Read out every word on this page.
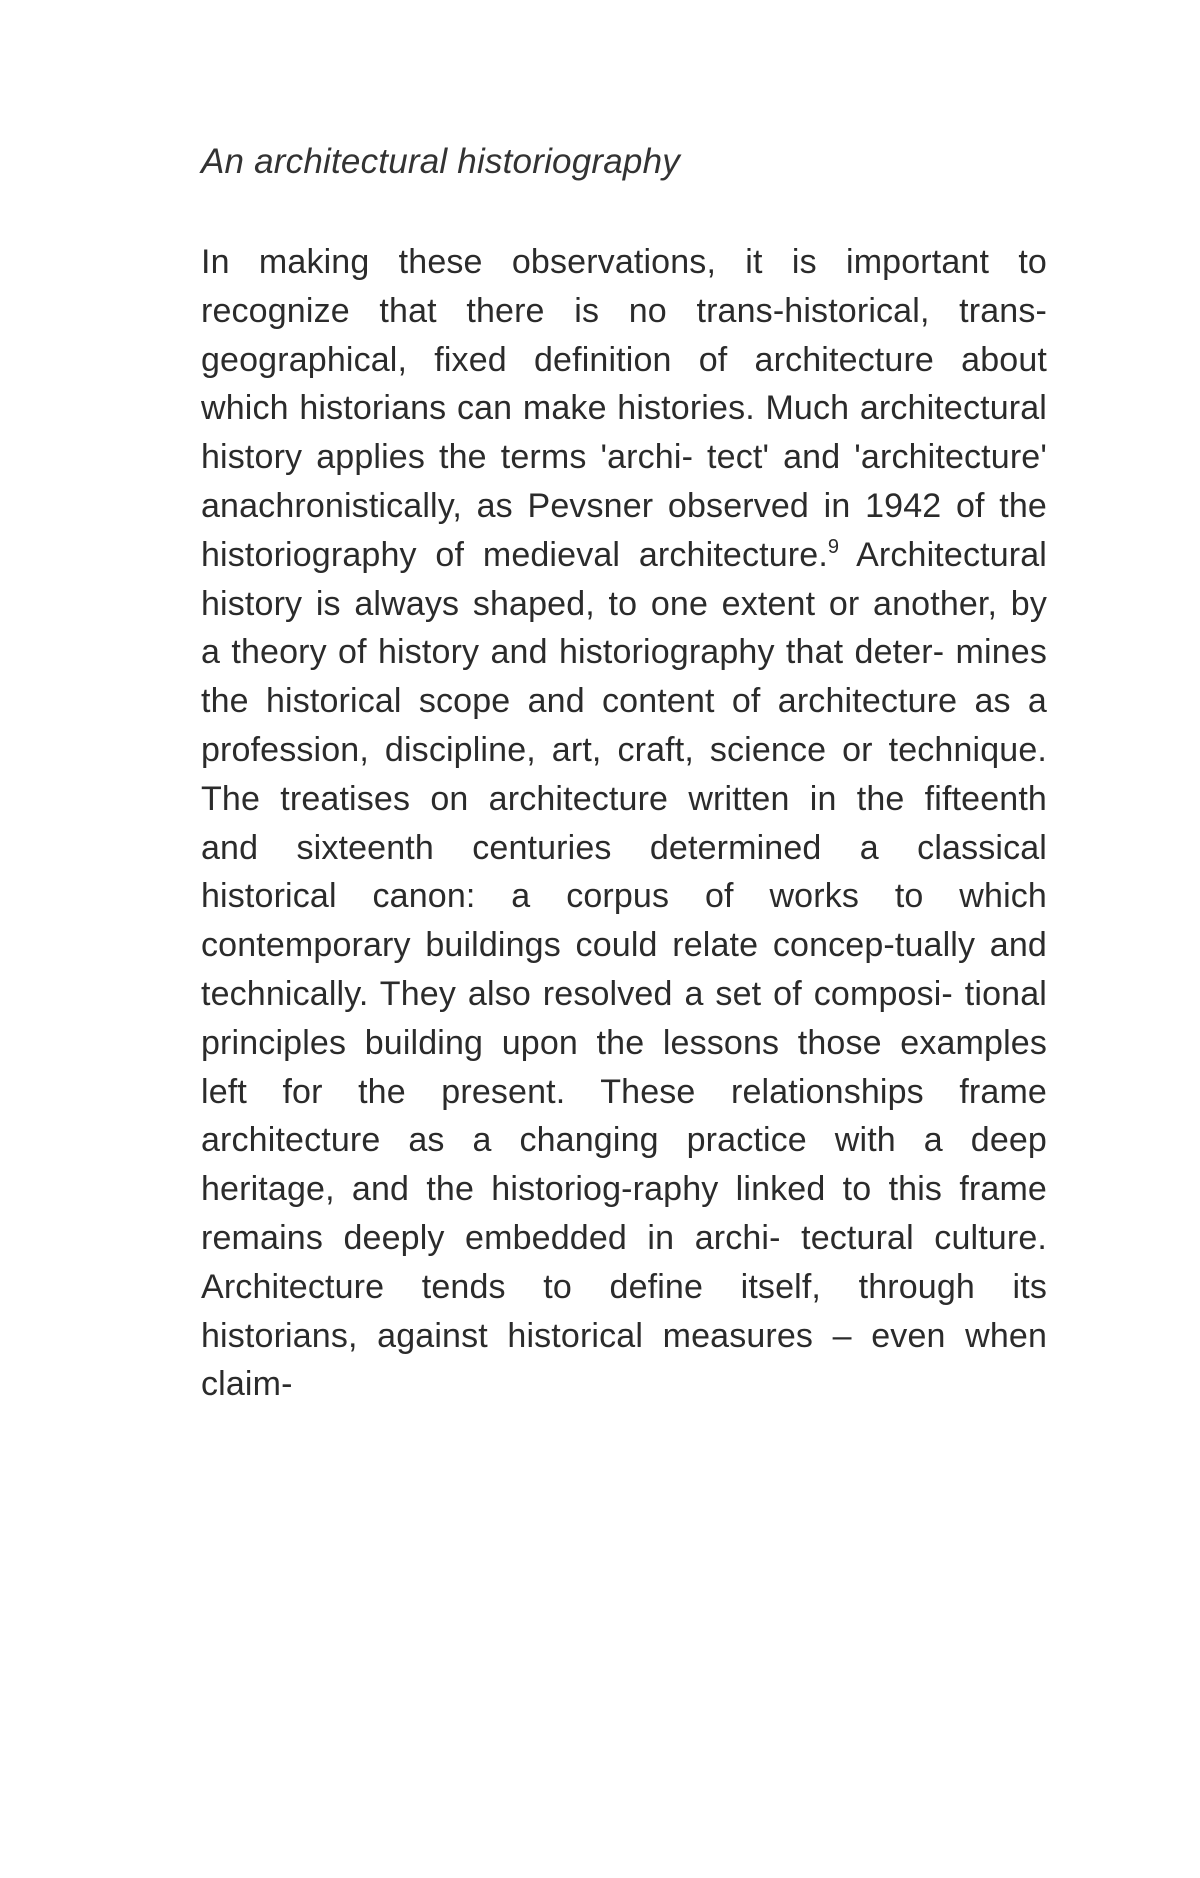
An architectural historiography

In making these observations, it is important to recognize that there is no trans-historical, trans-geographical, fixed definition of architecture about which historians can make histories. Much architectural history applies the terms 'archi- tect' and 'architecture' anachronistically, as Pevsner observed in 1942 of the historiography of medieval architecture.$^9$ Architectural history is always shaped, to one extent or another, by a theory of history and historiography that deter- mines the historical scope and content of architecture as a profession, discipline, art, craft, science or technique. The treatises on architecture written in the fifteenth and sixteenth centuries determined a classical historical canon: a corpus of works to which contemporary buildings could relate concep-tually and technically. They also resolved a set of composi- tional principles building upon the lessons those examples left for the present. These relationships frame architecture as a changing practice with a deep heritage, and the historiog-raphy linked to this frame remains deeply embedded in archi- tectural culture. Architecture tends to define itself, through its historians, against historical measures – even when claim-
